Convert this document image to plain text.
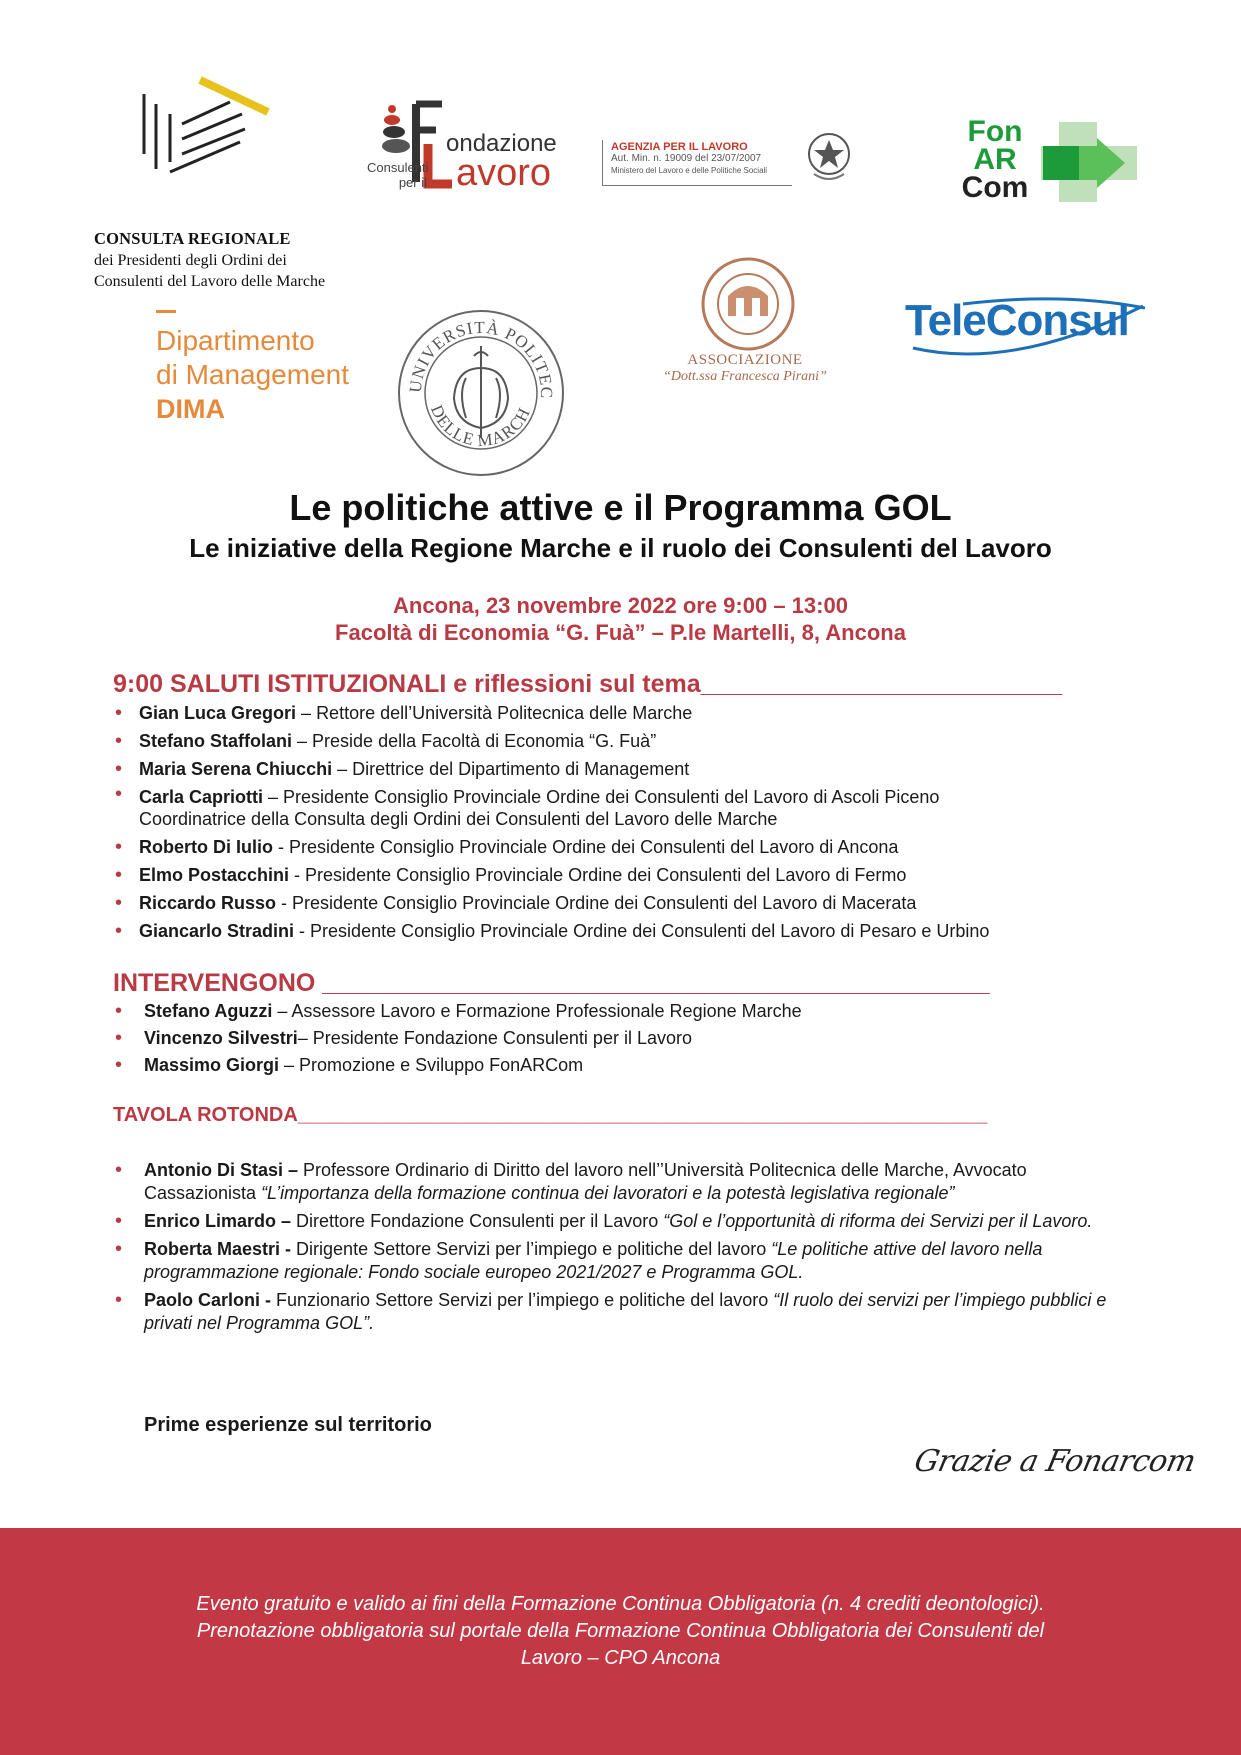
CONSULTA REGIONALE
dei Presidenti degli Ordini dei
Consulenti del Lavoro delle Marche
Consulenti per il
ondazione
avoro
AGENZIA PER IL LAVORO
Aut. Min. n. 19009 del 23/07/2007
Ministero del Lavoro e delle Politiche Sociali
Fon
AR
Com
Dipartimento
di Management
DIMA
UNIVERSITÀ POLITEC
DELLE MARCH
ASSOCIAZIONE
“Dott.ssa Francesca Pirani”
TeleConsul
Le politiche attive e il Programma GOL
Le iniziative della Regione Marche e il ruolo dei Consulenti del Lavoro
Ancona, 23 novembre 2022 ore 9:00 – 13:00
Facoltà di Economia “G. Fuà” – P.le Martelli, 8, Ancona
9:00 SALUTI ISTITUZIONALI e riflessioni sul tema__________________________
• Gian Luca Gregori – Rettore dell’Università Politecnica delle Marche
• Stefano Staffolani – Preside della Facoltà di Economia “G. Fuà”
• Maria Serena Chiucchi – Direttrice del Dipartimento di Management
• Carla Capriotti – Presidente Consiglio Provinciale Ordine dei Consulenti del Lavoro di Ascoli Piceno
Coordinatrice della Consulta degli Ordini dei Consulenti del Lavoro delle Marche
• Roberto Di Iulio - Presidente Consiglio Provinciale Ordine dei Consulenti del Lavoro di Ancona
• Elmo Postacchini - Presidente Consiglio Provinciale Ordine dei Consulenti del Lavoro di Fermo
• Riccardo Russo - Presidente Consiglio Provinciale Ordine dei Consulenti del Lavoro di Macerata
• Giancarlo Stradini - Presidente Consiglio Provinciale Ordine dei Consulenti del Lavoro di Pesaro e Urbino
INTERVENGONO ________________________________________________
• Stefano Aguzzi – Assessore Lavoro e Formazione Professionale Regione Marche
• Vincenzo Silvestri– Presidente Fondazione Consulenti per il Lavoro
• Massimo Giorgi – Promozione e Sviluppo FonARCom
TAVOLA ROTONDA______________________________________________________________
• Antonio Di Stasi – Professore Ordinario di Diritto del lavoro nell’’Università Politecnica delle Marche, Avvocato Cassazionista “L’importanza della formazione continua dei lavoratori e la potestà legislativa regionale”
• Enrico Limardo – Direttore Fondazione Consulenti per il Lavoro “Gol e l’opportunità di riforma dei Servizi per il Lavoro.
• Roberta Maestri - Dirigente Settore Servizi per l’impiego e politiche del lavoro “Le politiche attive del lavoro nella programmazione regionale: Fondo sociale europeo 2021/2027 e Programma GOL.
• Paolo Carloni - Funzionario Settore Servizi per l’impiego e politiche del lavoro “Il ruolo dei servizi per l’impiego pubblici e privati nel Programma GOL”.
Prime esperienze sul territorio
Grazie a Fonarcom
Evento gratuito e valido ai fini della Formazione Continua Obbligatoria (n. 4 crediti deontologici).
Prenotazione obbligatoria sul portale della Formazione Continua Obbligatoria dei Consulenti del
Lavoro – CPO Ancona
